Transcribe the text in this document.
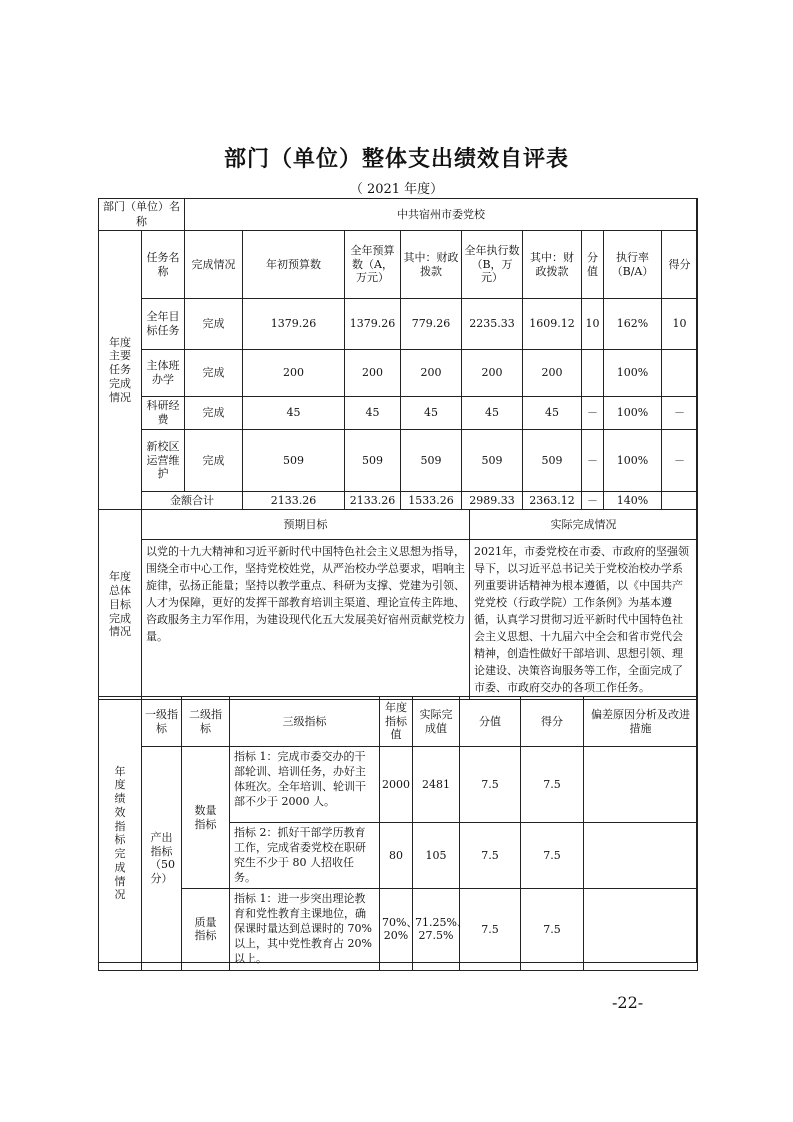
部门（单位）整体支出绩效自评表
（ 2021 年度）
部门（单位）名称	中共宿州市委党校
年度主要任务完成情况	任务名称	完成情况	年初预算数	全年预算数（A，万元）	其中：财政拨款	全年执行数（B，万元）	其中：财政拨款	分值	执行率（B/A）	得分
	全年目标任务	完成	1379.26	1379.26	779.26	2235.33	1609.12	10	162%	10
	主体班办学	完成	200	200	200	200	200		100%	
	科研经费	完成	45	45	45	45	45	－	100%	－
	新校区运营维护	完成	509	509	509	509	509	－	100%	－
	金额合计		2133.26	2133.26	1533.26	2989.33	2363.12	－	140%	
年度总体目标完成情况	预期目标	实际完成情况
	以党的十九大精神和习近平新时代中国特色社会主义思想为指导，围绕全市中心工作，坚持党校姓党，从严治校办学总要求，唱响主旋律，弘扬正能量；坚持以教学重点、科研为支撑、党建为引领、人才为保障，更好的发挥干部教育培训主渠道、理论宣传主阵地、咨政服务主力军作用，为建设现代化五大发展美好宿州贡献党校力量。	2021年，市委党校在市委、市政府的坚强领导下，以习近平总书记关于党校治校办学系列重要讲话精神为根本遵循，以《中国共产党党校（行政学院）工作条例》为基本遵循，认真学习贯彻习近平新时代中国特色社会主义思想、十九届六中全会和省市党代会精神，创造性做好干部培训、思想引领、理论建设、决策咨询服务等工作，全面完成了市委、市政府交办的各项工作任务。
年度绩效指标完成情况	一级指标	二级指标	三级指标	年度指标值	实际完成值	分值	得分	偏差原因分析及改进措施
	产出指标（50分）	数量指标	指标 1：完成市委交办的干部轮训、培训任务，办好主体班次。全年培训、轮训干部不少于 2000 人。	2000	2481	7.5	7.5	
			指标 2：抓好干部学历教育工作，完成省委党校在职研究生不少于 80 人招收任务。	80	105	7.5	7.5	
		质量指标	指标 1：进一步突出理论教育和党性教育主课地位，确保课时量达到总课时的 70%以上，其中党性教育占 20%以上。	70%、20%	71.25%、27.5%	7.5	7.5	
-22-
